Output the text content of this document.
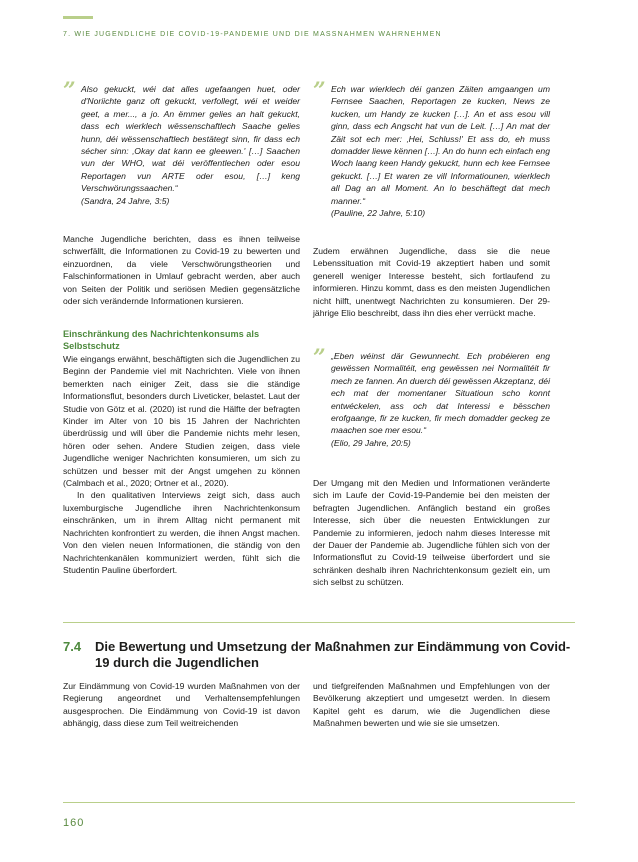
7. WIE JUGENDLICHE DIE COVID-19-PANDEMIE UND DIE MASSNAHMEN WAHRNEHMEN
” Also gekuckt, wéi dat alles ugefaangen huet, oder d'Noriichte ganz oft gekuckt, verfollegt, wéi et weider geet, a mer..., a jo. An ëmmer gelies an halt gekuckt, dass ech wierklech wëssenschaftlech Saache gelies hunn, déi wëssenschaftlech bestätegt sinn, fir dass ech sécher sinn: ‚Okay dat kann ee gleewen.' […] Saachen vun der WHO, wat déi veröffentlechen oder esou Reportagen vun ARTE oder esou, […] keng Verschwörungssaachen.“

(Sandra, 24 Jahre, 3:5)

Manche Jugendliche berichten, dass es ihnen teilweise schwerfällt, die Informationen zu Covid-19 zu bewerten und einzuordnen, da viele Verschwörungstheorien und Falschinformationen in Umlauf gebracht werden, aber auch von Seiten der Politik und seriösen Medien gegensätzliche oder sich verändernde Informationen kursieren.

Einschränkung des Nachrichtenkonsums als Selbstschutz

Wie eingangs erwähnt, beschäftigten sich die Jugendlichen zu Beginn der Pandemie viel mit Nachrichten. Viele von ihnen bemerkten nach einiger Zeit, dass sie die ständige Informationsflut, besonders durch Liveticker, belastet. Laut der Studie von Götz et al. (2020) ist rund die Hälfte der befragten Kinder im Alter von 10 bis 15 Jahren der Nachrichten überdrüssig und will über die Pandemie nichts mehr lesen, hören oder sehen. Andere Studien zeigen, dass viele Jugendliche weniger Nachrichten konsumieren, um sich zu schützen und besser mit der Angst umgehen zu können (Calmbach et al., 2020; Ortner et al., 2020).

In den qualitativen Interviews zeigt sich, dass auch luxemburgische Jugendliche ihren Nachrichtenkonsum einschränken, um in ihrem Alltag nicht permanent mit Nachrichten konfrontiert zu werden, die ihnen Angst machen. Von den vielen neuen Informationen, die ständig von den Nachrichtenkanälen kommuniziert werden, fühlt sich die Studentin Pauline überfordert.

” Ech war wierklech déi ganzen Zäiten amgaangen um Fernsee Saachen, Reportagen ze kucken, News ze kucken, um Handy ze kucken […]. An et ass esou vill ginn, dass ech Angscht hat vun de Leit. […] An mat der Zäit sot ech mer: ‚Hei, Schluss!' Et ass do, eh muss domadder liewe kënnen […]. An do hunn ech einfach eng Woch laang keen Handy gekuckt, hunn ech kee Fernsee gekuckt. […] Et waren ze vill Informatiounen, wierklech all Dag an all Moment. An lo beschäftegt dat mech manner.“

(Pauline, 22 Jahre, 5:10)

Zudem erwähnen Jugendliche, dass sie die neue Lebenssituation mit Covid-19 akzeptiert haben und somit generell weniger Interesse besteht, sich fortlaufend zu informieren. Hinzu kommt, dass es den meisten Jugendlichen nicht hilft, unentwegt Nachrichten zu konsumieren. Der 29-jährige Elio beschreibt, dass ihn dies eher verrückt mache.

” „Eben wéinst där Gewunnecht. Ech probéieren eng gewëssen Normalitéit, eng gewëssen nei Normalitéit fir mech ze fannen. An duerch déi gewëssen Akzeptanz, déi ech mat der momentaner Situatioun scho konnt entwéckelen, ass och dat Interessi e bësschen erofgaange, fir ze kucken, fir mech domadder geckeg ze maachen soe mer esou.“

(Elio, 29 Jahre, 20:5)

Der Umgang mit den Medien und Informationen veränderte sich im Laufe der Covid-19-Pandemie bei den meisten der befragten Jugendlichen. Anfänglich bestand ein großes Interesse, sich über die neuesten Entwicklungen zur Pandemie zu informieren, jedoch nahm dieses Interesse mit der Dauer der Pandemie ab. Jugendliche fühlen sich von der Informationsflut zu Covid-19 teilweise überfordert und sie schränken deshalb ihren Nachrichtenkonsum gezielt ein, um sich selbst zu schützen.

7.4 Die Bewertung und Umsetzung der Maßnahmen zur Eindämmung von Covid-19 durch die Jugendlichen

Zur Eindämmung von Covid-19 wurden Maßnahmen von der Regierung angeordnet und Verhaltensempfehlungen ausgesprochen. Die Eindämmung von Covid-19 ist davon abhängig, dass diese zum Teil weitreichenden

und tiefgreifenden Maßnahmen und Empfehlungen von der Bevölkerung akzeptiert und umgesetzt werden. In diesem Kapitel geht es darum, wie die Jugendlichen diese Maßnahmen bewerten und wie sie sie umsetzen.

160
